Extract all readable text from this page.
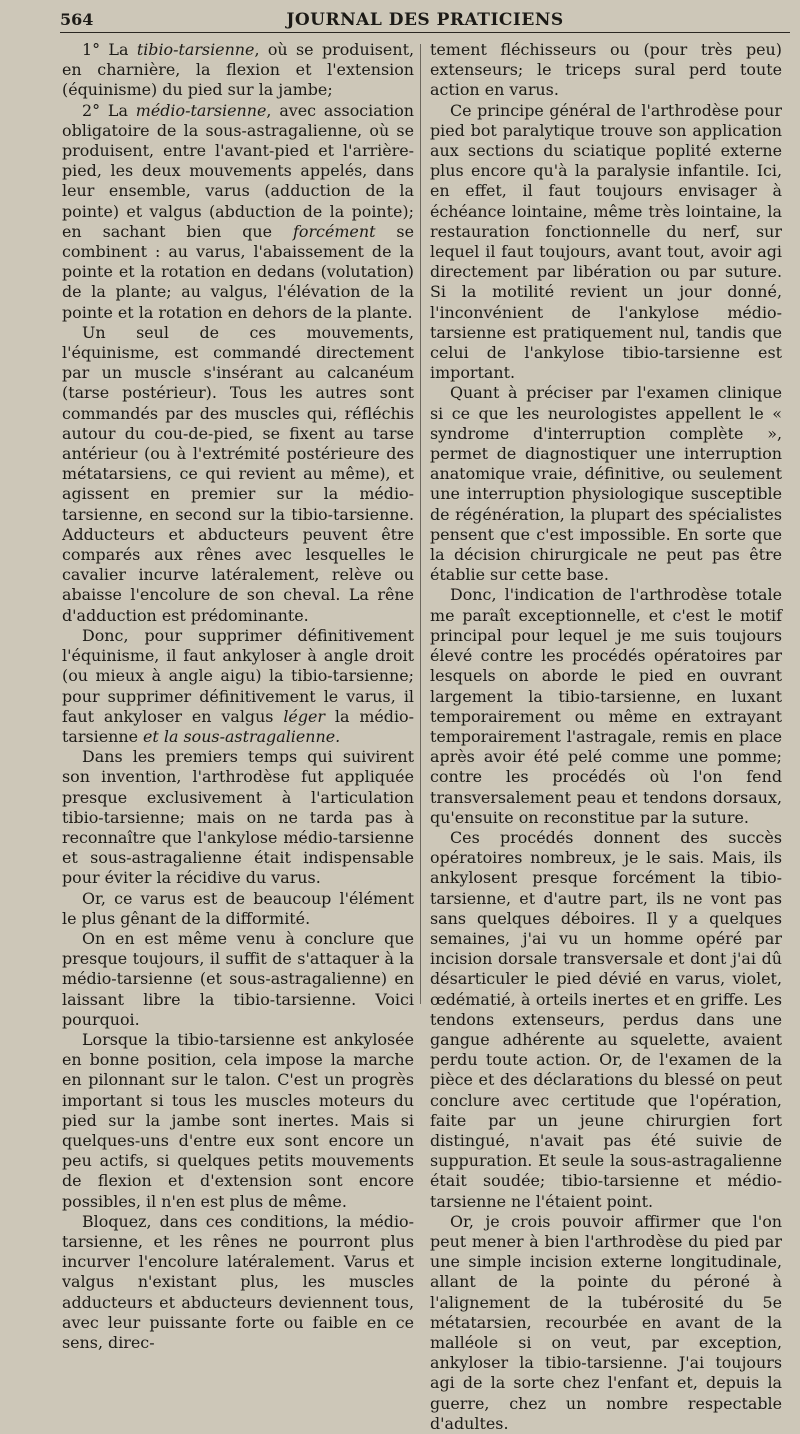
564	JOURNAL DES PRATICIENS

1° La tibio-tarsienne, où se produisent, en charnière, la flexion et l'extension (équinisme) du pied sur la jambe;

2° La médio-tarsienne, avec association obligatoire de la sous-astragalienne, où se produisent, entre l'avant-pied et l'arrière-pied, les deux mouvements appelés, dans leur ensemble, varus (adduction de la pointe) et valgus (abduction de la pointe); en sachant bien que forcément se combinent : au varus, l'abaissement de la pointe et la rotation en dedans (volutation) de la plante; au valgus, l'élévation de la pointe et la rotation en dehors de la plante.

Un seul de ces mouvements, l'équinisme, est commandé directement par un muscle s'insérant au calcanéum (tarse postérieur). Tous les autres sont commandés par des muscles qui, réfléchis autour du cou-de-pied, se fixent au tarse antérieur (ou à l'extrémité postérieure des métatarsiens, ce qui revient au même), et agissent en premier sur la médio-tarsienne, en second sur la tibio-tarsienne. Adducteurs et abducteurs peuvent être comparés aux rênes avec lesquelles le cavalier incurve latéralement, relève ou abaisse l'encolure de son cheval. La rêne d'adduction est prédominante.

Donc, pour supprimer définitivement l'équinisme, il faut ankyloser à angle droit (ou mieux à angle aigu) la tibio-tarsienne; pour supprimer définitivement le varus, il faut ankyloser en valgus léger la médio-tarsienne et la sous-astragalienne.

Dans les premiers temps qui suivirent son invention, l'arthrodèse fut appliquée presque exclusivement à l'articulation tibio-tarsienne; mais on ne tarda pas à reconnaître que l'ankylose médio-tarsienne et sous-astragalienne était indispensable pour éviter la récidive du varus.

Or, ce varus est de beaucoup l'élément le plus gênant de la difformité.

On en est même venu à conclure que presque toujours, il suffit de s'attaquer à la médio-tarsienne (et sous-astragalienne) en laissant libre la tibio-tarsienne. Voici pourquoi.

Lorsque la tibio-tarsienne est ankylosée en bonne position, cela impose la marche en pilonnant sur le talon. C'est un progrès important si tous les muscles moteurs du pied sur la jambe sont inertes. Mais si quelques-uns d'entre eux sont encore un peu actifs, si quelques petits mouvements de flexion et d'extension sont encore possibles, il n'en est plus de même.

Bloquez, dans ces conditions, la médio-tarsienne, et les rênes ne pourront plus incurver l'encolure latéralement. Varus et valgus n'existant plus, les muscles adducteurs et abducteurs deviennent tous, avec leur puissante forte ou faible en ce sens, direc-

tement fléchisseurs ou (pour très peu) extenseurs; le triceps sural perd toute action en varus.

Ce principe général de l'arthrodèse pour pied bot paralytique trouve son application aux sections du sciatique poplité externe plus encore qu'à la paralysie infantile. Ici, en effet, il faut toujours envisager à échéance lointaine, même très lointaine, la restauration fonctionnelle du nerf, sur lequel il faut toujours, avant tout, avoir agi directement par libération ou par suture. Si la motilité revient un jour donné, l'inconvénient de l'ankylose médio-tarsienne est pratiquement nul, tandis que celui de l'ankylose tibio-tarsienne est important.

Quant à préciser par l'examen clinique si ce que les neurologistes appellent le « syndrome d'interruption complète », permet de diagnostiquer une interruption anatomique vraie, définitive, ou seulement une interruption physiologique susceptible de régénération, la plupart des spécialistes pensent que c'est impossible. En sorte que la décision chirurgicale ne peut pas être établie sur cette base.

Donc, l'indication de l'arthrodèse totale me paraît exceptionnelle, et c'est le motif principal pour lequel je me suis toujours élevé contre les procédés opératoires par lesquels on aborde le pied en ouvrant largement la tibio-tarsienne, en luxant temporairement ou même en extrayant temporairement l'astragale, remis en place après avoir été pelé comme une pomme; contre les procédés où l'on fend transversalement peau et tendons dorsaux, qu'ensuite on reconstitue par la suture.

Ces procédés donnent des succès opératoires nombreux, je le sais. Mais, ils ankylosent presque forcément la tibio-tarsienne, et d'autre part, ils ne vont pas sans quelques déboires. Il y a quelques semaines, j'ai vu un homme opéré par incision dorsale transversale et dont j'ai dû désarticuler le pied dévié en varus, violet, œdématié, à orteils inertes et en griffe. Les tendons extenseurs, perdus dans une gangue adhérente au squelette, avaient perdu toute action. Or, de l'examen de la pièce et des déclarations du blessé on peut conclure avec certitude que l'opération, faite par un jeune chirurgien fort distingué, n'avait pas été suivie de suppuration. Et seule la sous-astragalienne était soudée; tibio-tarsienne et médio-tarsienne ne l'étaient point.

Or, je crois pouvoir affirmer que l'on peut mener à bien l'arthrodèse du pied par une simple incision externe longitudinale, allant de la pointe du péroné à l'alignement de la tubérosité du 5e métatarsien, recourbée en avant de la malléole si on veut, par exception, ankyloser la tibio-tarsienne. J'ai toujours agi de la sorte chez l'enfant et, depuis la guerre, chez un nombre respectable d'adultes.
